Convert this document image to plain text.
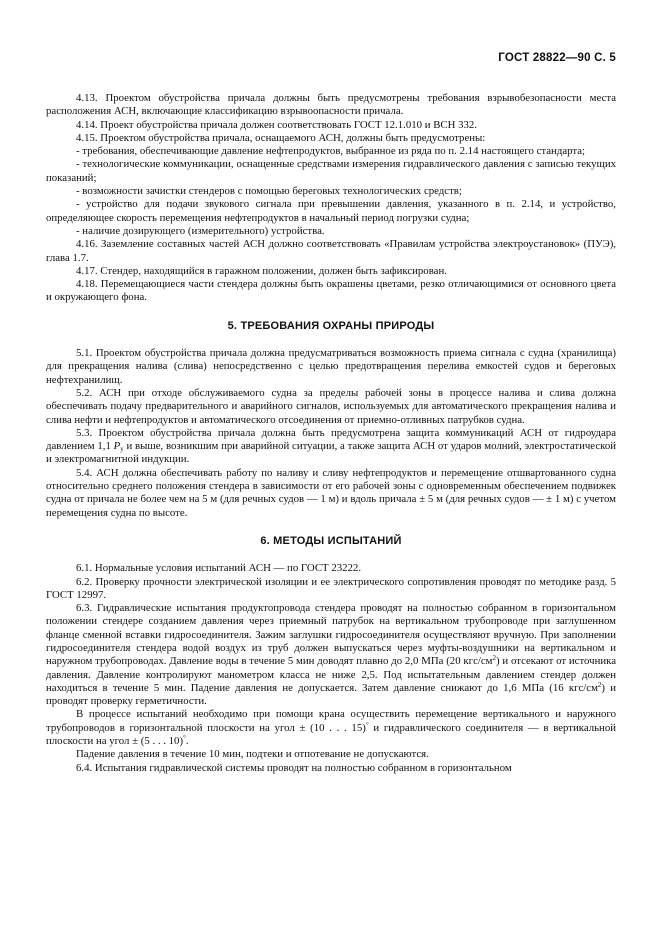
ГОСТ 28822—90 С. 5

4.13. Проектом обустройства причала должны быть предусмотрены требования взрывобезопасности места расположения АСН, включающие классификацию взрывоопасности причала.

4.14. Проект обустройства причала должен соответствовать ГОСТ 12.1.010 и ВСН 332.

4.15. Проектом обустройства причала, оснащаемого АСН, должны быть предусмотрены:

- требования, обеспечивающие давление нефтепродуктов, выбранное из ряда по п. 2.14 настоящего стандарта;

- технологические коммуникации, оснащенные средствами измерения гидравлического давления с записью текущих показаний;

- возможности зачистки стендеров с помощью береговых технологических средств;

- устройство для подачи звукового сигнала при превышении давления, указанного в п. 2.14, и устройство, определяющее скорость перемещения нефтепродуктов в начальный период погрузки судна;

- наличие дозирующего (измерительного) устройства.

4.16. Заземление составных частей АСН должно соответствовать «Правилам устройства электроустановок» (ПУЭ), глава 1.7.

4.17. Стендер, находящийся в гаражном положении, должен быть зафиксирован.

4.18. Перемещающиеся части стендера должны быть окрашены цветами, резко отличающимися от основного цвета и окружающего фона.

5. ТРЕБОВАНИЯ ОХРАНЫ ПРИРОДЫ

5.1. Проектом обустройства причала должна предусматриваться возможность приема сигнала с судна (хранилища) для прекращения налива (слива) непосредственно с целью предотвращения перелива емкостей судов и береговых нефтехранилищ.

5.2. АСН при отходе обслуживаемого судна за пределы рабочей зоны в процессе налива и слива должна обеспечивать подачу предварительного и аварийного сигналов, используемых для автоматического прекращения налива и слива нефти и нефтепродуктов и автоматического отсоединения от приемно-отливных патрубков судна.

5.3. Проектом обустройства причала должна быть предусмотрена защита коммуникаций АСН от гидроудара давлением 1,1 $P_y$ и выше, возникшим при аварийной ситуации, а также защита АСН от ударов молний, электростатической и электромагнитной индукции.

5.4. АСН должна обеспечивать работу по наливу и сливу нефтепродуктов и перемещение отшвартованного судна относительно среднего положения стендера в зависимости от его рабочей зоны с одновременным обеспечением подвижек судна от причала не более чем на 5 м (для речных судов — 1 м) и вдоль причала ± 5 м (для речных судов — ± 1 м) с учетом перемещения судна по высоте.

6. МЕТОДЫ ИСПЫТАНИЙ

6.1. Нормальные условия испытаний АСН — по ГОСТ 23222.

6.2. Проверку прочности электрической изоляции и ее электрического сопротивления проводят по методике разд. 5 ГОСТ 12997.

6.3. Гидравлические испытания продуктопровода стендера проводят на полностью собранном в горизонтальном положении стендере созданием давления через приемный патрубок на вертикальном трубопроводе при заглушенном фланце сменной вставки гидросоединителя. Зажим заглушки гидросоединителя осуществляют вручную. При заполнении гидросоединителя стендера водой воздух из труб должен выпускаться через муфты-воздушники на вертикальном и наружном трубопроводах. Давление воды в течение 5 мин доводят плавно до 2,0 МПа (20 кгс/$см^2$) и отсекают от источника давления. Давление контролируют манометром класса не ниже 2,5. Под испытательным давлением стендер должен находиться в течение 5 мин. Падение давления не допускается. Затем давление снижают до 1,6 МПа (16 кгс/$см^2$) и проводят проверку герметичности.

В процессе испытаний необходимо при помощи крана осуществить перемещение вертикального и наружного трубопроводов в горизонтальной плоскости на угол ± (10 . . . 15)° и гидравлического соединителя — в вертикальной плоскости на угол ± (5 . . . 10)°.

Падение давления в течение 10 мин, подтеки и отпотевание не допускаются.

6.4. Испытания гидравлической системы проводят на полностью собранном в горизонтальном
